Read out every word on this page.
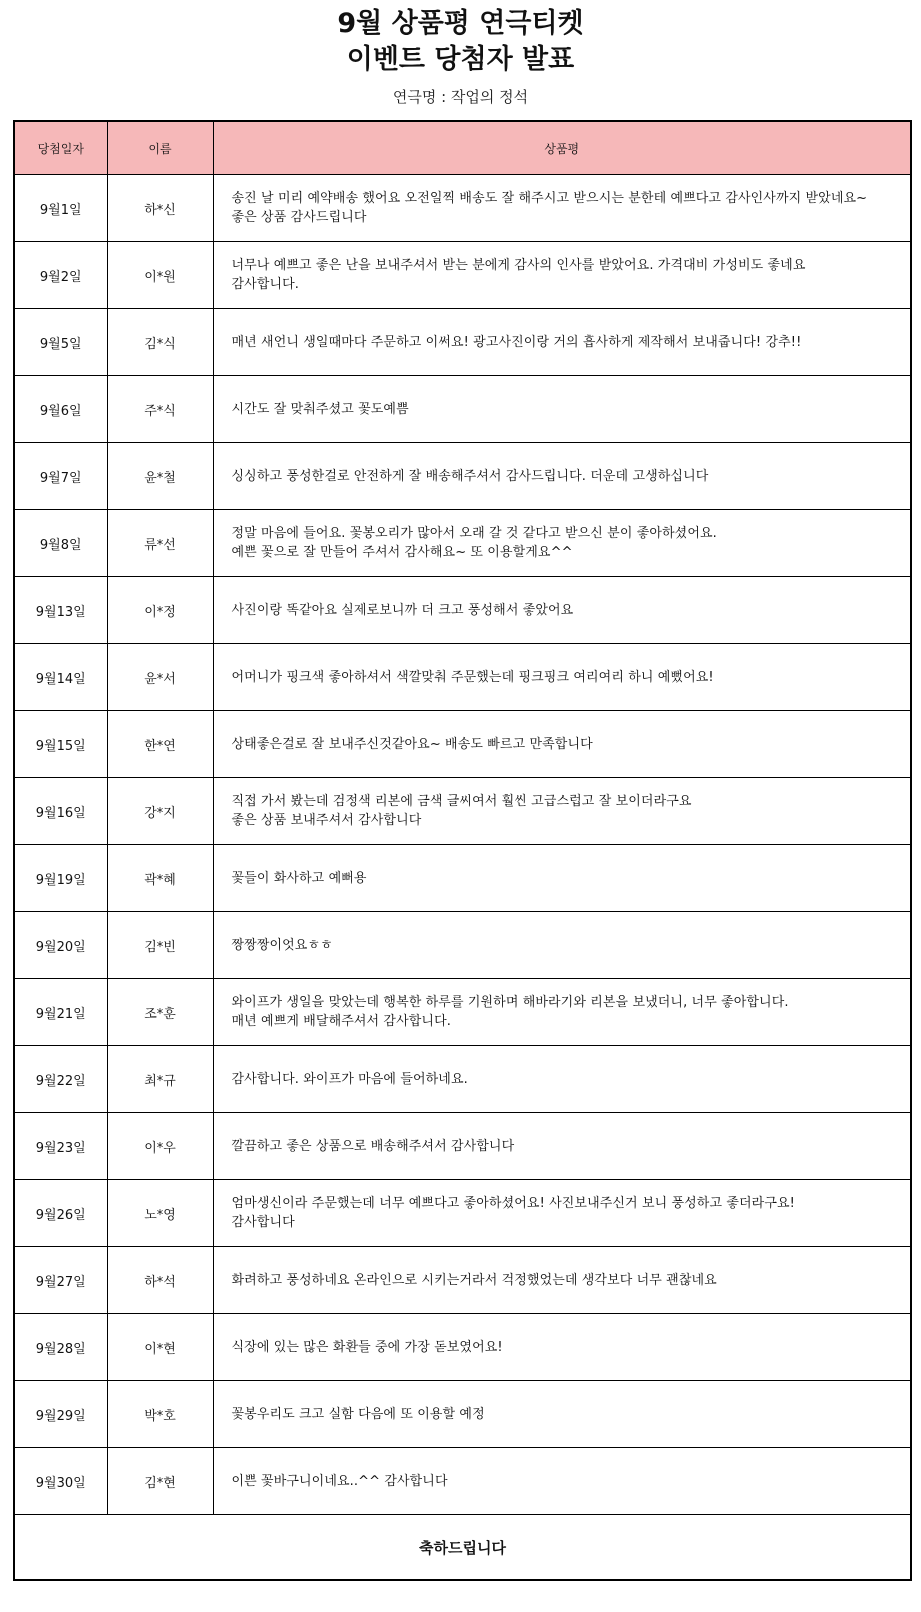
9월 상품평 연극티켓
이벤트 당첨자 발표
연극명 : 작업의 정석
당첨일자	이름	상품평
9월1일	하*신	송진 날 미리 예약배송 했어요 오전일찍 배송도 잘 해주시고 받으시는 분한테 예쁘다고 감사인사까지 받았네요~
좋은 상품 감사드립니다

9월2일	이*원	너무나 예쁘고 좋은 난을 보내주셔서 받는 분에게 감사의 인사를 받았어요. 가격대비 가성비도 좋네요
감사합니다.

9월5일	김*식	매년 새언니 생일때마다 주문하고 이써요! 광고사진이랑 거의 흡사하게 제작해서 보내줍니다! 강추!!

9월6일	주*식	시간도 잘 맞춰주셨고 꽃도예쁨

9월7일	윤*철	싱싱하고 풍성한걸로 안전하게 잘 배송해주셔서 감사드립니다. 더운데 고생하십니다

9월8일	류*선	정말 마음에 들어요. 꽃봉오리가 많아서 오래 갈 것 같다고 받으신 분이 좋아하셨어요.
예쁜 꽃으로 잘 만들어 주셔서 감사해요~ 또 이용할게요^^

9월13일	이*정	사진이랑 똑같아요 실제로보니까 더 크고 풍성해서 좋았어요

9월14일	윤*서	어머니가 핑크색 좋아하셔서 색깔맞춰 주문했는데 핑크핑크 여리여리 하니 예뻤어요!

9월15일	한*연	상태좋은걸로 잘 보내주신것같아요~ 배송도 빠르고 만족합니다

9월16일	강*지	직접 가서 봤는데 검정색 리본에 금색 글씨여서 훨씬 고급스럽고 잘 보이더라구요
좋은 상품 보내주셔서 감사합니다

9월19일	곽*혜	꽃들이 화사하고 예뻐용

9월20일	김*빈	짱짱짱이엇요ㅎㅎ

9월21일	조*훈	와이프가 생일을 맞았는데 행복한 하루를 기원하며 해바라기와 리본을 보냈더니, 너무 좋아합니다.
매년 예쁘게 배달해주셔서 감사합니다.

9월22일	최*규	감사합니다. 와이프가 마음에 들어하네요.

9월23일	이*우	깔끔하고 좋은 상품으로 배송해주셔서 감사합니다

9월26일	노*영	엄마생신이라 주문했는데 너무 예쁘다고 좋아하셨어요! 사진보내주신거 보니 풍성하고 좋더라구요!
감사합니다

9월27일	하*석	화려하고 풍성하네요 온라인으로 시키는거라서 걱정했었는데 생각보다 너무 괜찮네요

9월28일	이*현	식장에 있는 많은 화환들 중에 가장 돋보였어요!

9월29일	박*호	꽃봉우리도 크고 실함 다음에 또 이용할 예정

9월30일	김*현	이쁜 꽃바구니이네요..^^ 감사합니다

축하드립니다		
